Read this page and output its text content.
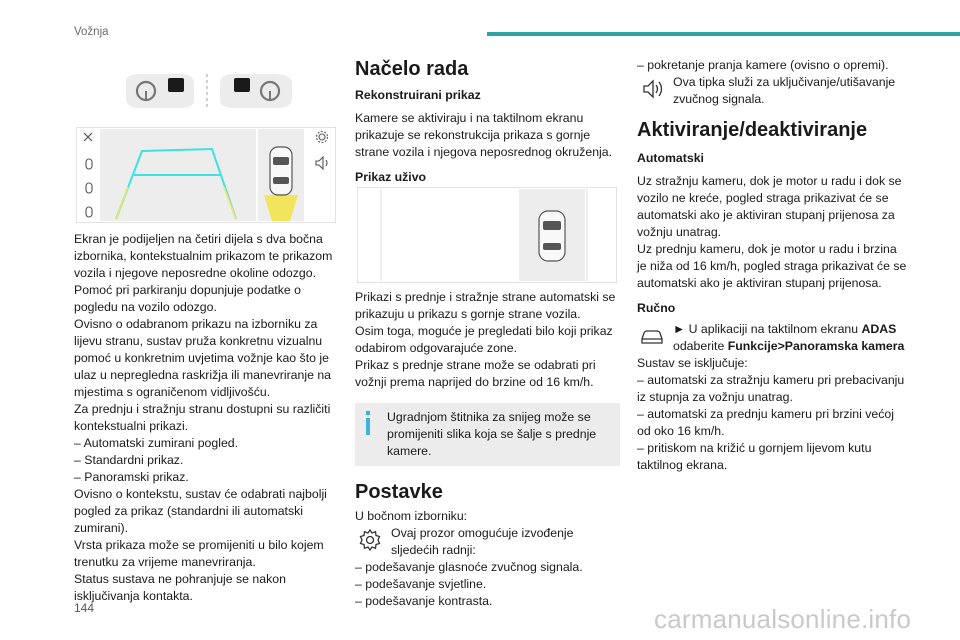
Vožnja
Ekran je podijeljen na četiri dijela s dva bočna izbornika, kontekstualnim prikazom te prikazom vozila i njegove neposredne okoline odozgo.
Pomoć pri parkiranju dopunjuje podatke o pogledu na vozilo odozgo.
Ovisno o odabranom prikazu na izborniku za lijevu stranu, sustav pruža konkretnu vizualnu pomoć u konkretnim uvjetima vožnje kao što je ulaz u nepregledna raskrižja ili manevriranje na mjestima s ograničenom vidljivošću.
Za prednju i stražnju stranu dostupni su različiti kontekstualni prikazi.
– Automatski zumirani pogled.
– Standardni prikaz.
– Panoramski prikaz.
Ovisno o kontekstu, sustav će odabrati najbolji pogled za prikaz (standardni ili automatski zumirani).
Vrsta prikaza može se promijeniti u bilo kojem trenutku za vrijeme manevriranja.
Status sustava ne pohranjuje se nakon isključivanja kontakta.
Načelo rada
Rekonstruirani prikaz
Kamere se aktiviraju i na taktilnom ekranu prikazuje se rekonstrukcija prikaza s gornje strane vozila i njegova neposrednog okruženja.
Prikaz uživo
Prikazi s prednje i stražnje strane automatski se prikazuju u prikazu s gornje strane vozila.
Osim toga, moguće je pregledati bilo koji prikaz odabirom odgovarajuće zone.
Prikaz s prednje strane može se odabrati pri vožnji prema naprijed do brzine od 16 km/h.
Ugradnjom štitnika za snijeg može se promijeniti slika koja se šalje s prednje kamere.
Postavke
U bočnom izborniku:
Ovaj prozor omogućuje izvođenje sljedećih radnji:
– podešavanje glasnoće zvučnog signala.
– podešavanje svjetline.
– podešavanje kontrasta.
– pokretanje pranja kamere (ovisno o opremi).
Ova tipka služi za uključivanje/utišavanje zvučnog signala.
Aktiviranje/deaktiviranje
Automatski
Uz stražnju kameru, dok je motor u radu i dok se vozilo ne kreće, pogled straga prikazivat će se automatski ako je aktiviran stupanj prijenosa za vožnju unatrag.
Uz prednju kameru, dok je motor u radu i brzina je niža od 16 km/h, pogled straga prikazivat će se automatski ako je aktiviran stupanj prijenosa.
Ručno
► U aplikaciji na taktilnom ekranu ADAS odaberite Funkcije>Panoramska kamera
Sustav se isključuje:
– automatski za stražnju kameru pri prebacivanju iz stupnja za vožnju unatrag.
– automatski za prednju kameru pri brzini većoj od oko 16 km/h.
– pritiskom na križić u gornjem lijevom kutu taktilnog ekrana.
144	carmanualsonline.info
